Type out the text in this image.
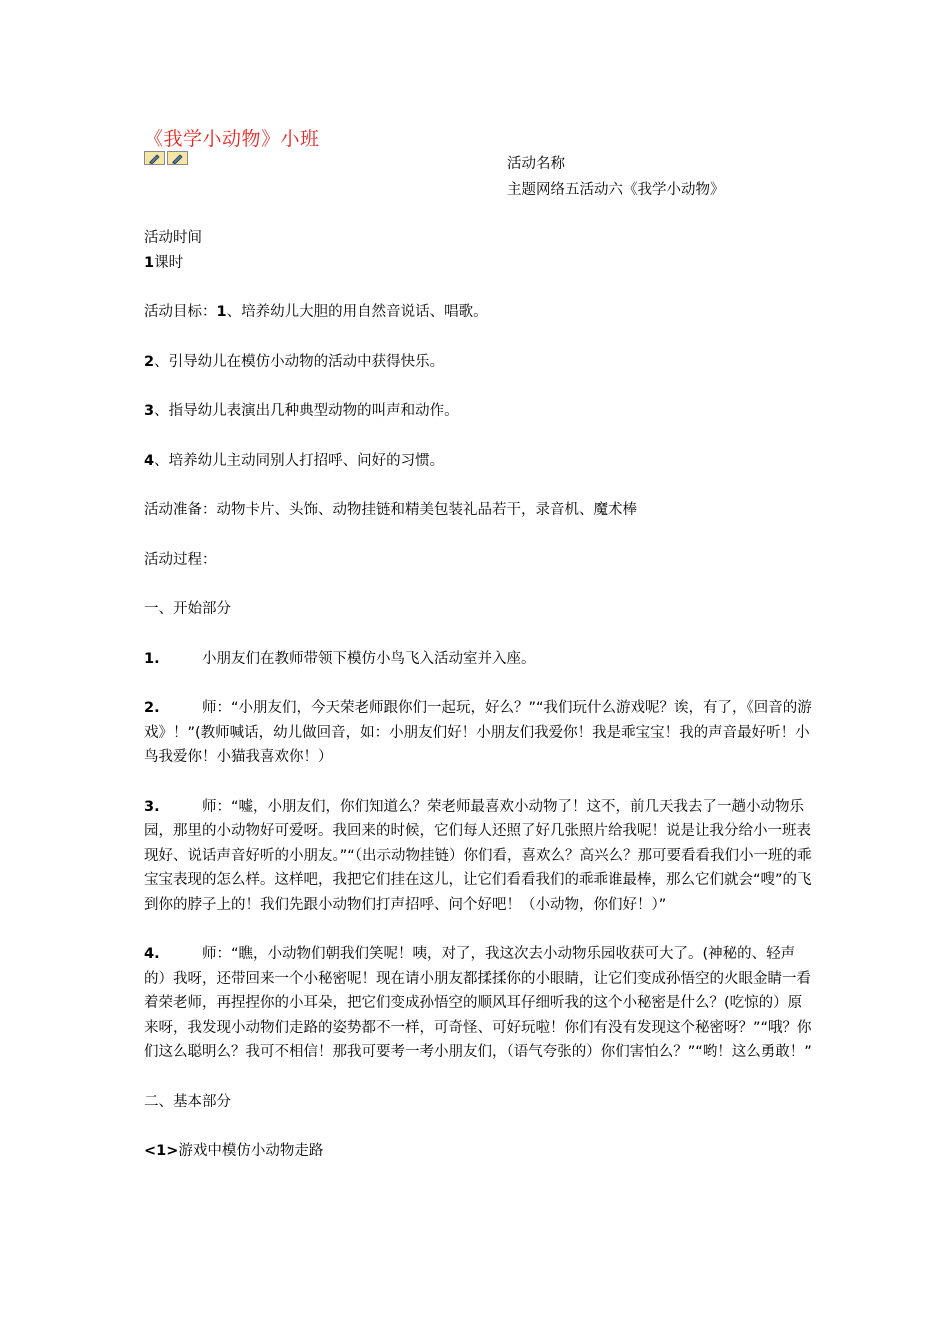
《我学小动物》小班

活动名称

主题网络五活动六《我学小动物》

活动时间

1课时

活动目标：1、培养幼儿大胆的用自然音说话、唱歌。

2、引导幼儿在模仿小动物的活动中获得快乐。

3、指导幼儿表演出几种典型动物的叫声和动作。

4、培养幼儿主动同别人打招呼、问好的习惯。

活动准备：动物卡片、头饰、动物挂链和精美包装礼品若干，录音机、魔术棒

活动过程：

一、开始部分

1.	小朋友们在教师带领下模仿小鸟飞入活动室并入座。

2.	师：“小朋友们，今天荣老师跟你们一起玩，好么？”“我们玩什么游戏呢？诶，有了，《回音的游戏》！”(教师喊话，幼儿做回音，如：小朋友们好！小朋友们我爱你！我是乖宝宝！我的声音最好听！小鸟我爱你！小猫我喜欢你！）

3.	师：“嘘，小朋友们，你们知道么？荣老师最喜欢小动物了！这不，前几天我去了一趟小动物乐园，那里的小动物好可爱呀。我回来的时候，它们每人还照了好几张照片给我呢！说是让我分给小一班表现好、说话声音好听的小朋友。”“（出示动物挂链）你们看，喜欢么？高兴么？那可要看看我们小一班的乖宝宝表现的怎么样。这样吧，我把它们挂在这儿，让它们看看我们的乖乖谁最棒，那么它们就会“嗖”的飞到你的脖子上的！我们先跟小动物们打声招呼、问个好吧！（小动物，你们好！）”

4.	师：“瞧，小动物们朝我们笑呢！咦，对了，我这次去小动物乐园收获可大了。(神秘的、轻声的）我呀，还带回来一个小秘密呢！现在请小朋友都揉揉你的小眼睛，让它们变成孙悟空的火眼金睛一看着荣老师，再捏捏你的小耳朵，把它们变成孙悟空的顺风耳仔细听我的这个小秘密是什么？(吃惊的）原来呀，我发现小动物们走路的姿势都不一样，可奇怪、可好玩啦！你们有没有发现这个秘密呀？”“哦？你们这么聪明么？我可不相信！那我可要考一考小朋友们，（语气夸张的）你们害怕么？”“哟！这么勇敢！”

二、基本部分

<1>游戏中模仿小动物走路
